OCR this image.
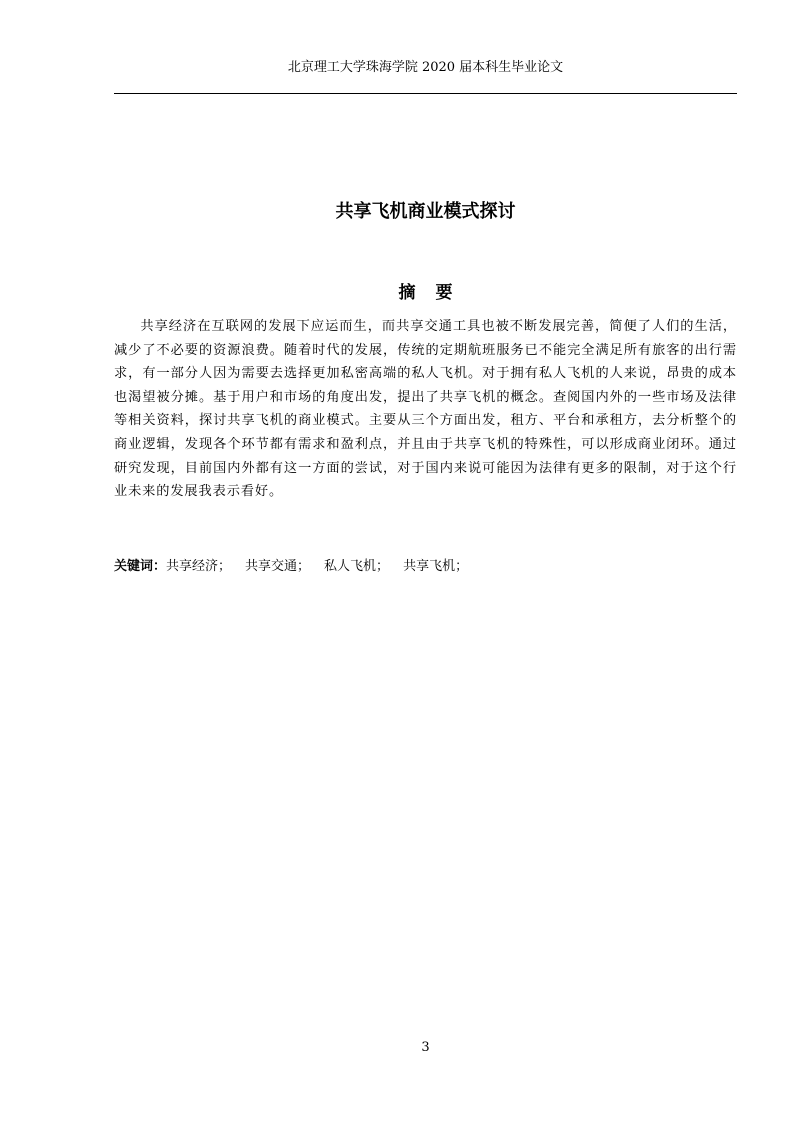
北京理工大学珠海学院 2020 届本科生毕业论文
共享飞机商业模式探讨
摘要

共享经济在互联网的发展下应运而生，而共享交通工具也被不断发展完善，简便了人们的生活，减少了不必要的资源浪费。随着时代的发展，传统的定期航班服务已不能完全满足所有旅客的出行需求，有一部分人因为需要去选择更加私密高端的私人飞机。对于拥有私人飞机的人来说，昂贵的成本也渴望被分摊。基于用户和市场的角度出发，提出了共享飞机的概念。查阅国内外的一些市场及法律等相关资料，探讨共享飞机的商业模式。主要从三个方面出发，租方、平台和承租方，去分析整个的商业逻辑，发现各个环节都有需求和盈利点，并且由于共享飞机的特殊性，可以形成商业闭环。通过研究发现，目前国内外都有这一方面的尝试，对于国内来说可能因为法律有更多的限制，对于这个行业未来的发展我表示看好。

关键词：共享经济； 共享交通； 私人飞机； 共享飞机；
3
